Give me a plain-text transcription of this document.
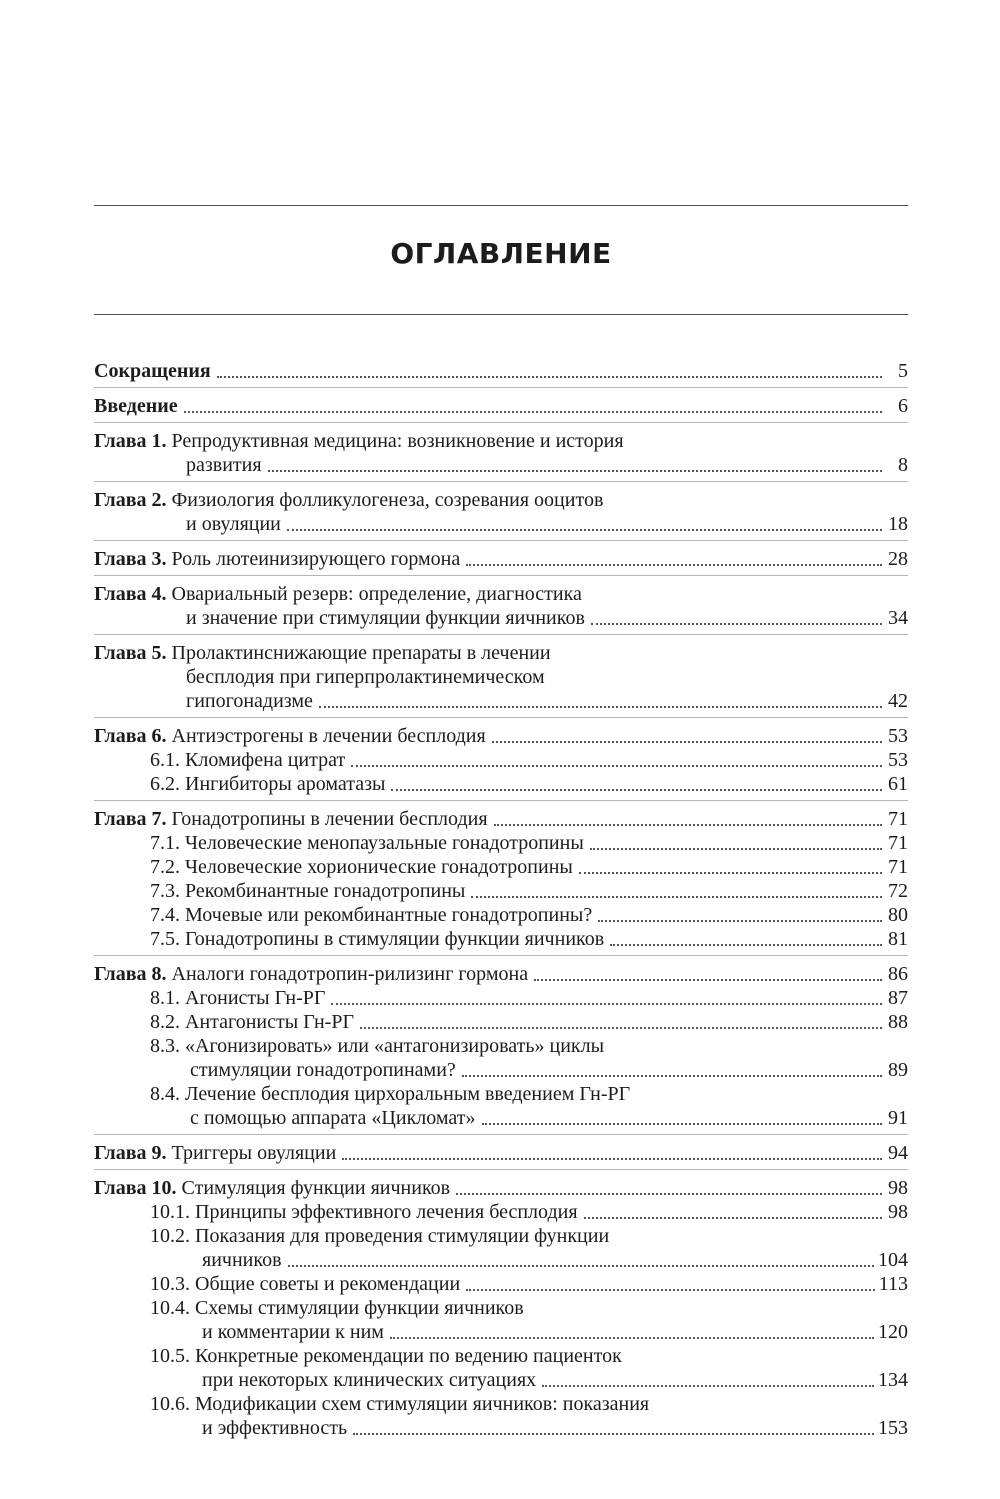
ОГЛАВЛЕНИЕ
Сокращения	5
Введение	6
Глава 1. Репродуктивная медицина: возникновение и история
развития	8
Глава 2. Физиология фолликулогенеза, созревания ооцитов
и овуляции	18
Глава 3. Роль лютеинизирующего гормона	28
Глава 4. Овариальный резерв: определение, диагностика
и значение при стимуляции функции яичников	34
Глава 5. Пролактинснижающие препараты в лечении
бесплодия при гиперпролактинемическом
гипогонадизме	42
Глава 6. Антиэстрогены в лечении бесплодия	53
6.1. Кломифена цитрат	53
6.2. Ингибиторы ароматазы	61
Глава 7. Гонадотропины в лечении бесплодия	71
7.1. Человеческие менопаузальные гонадотропины	71
7.2. Человеческие хорионические гонадотропины	71
7.3. Рекомбинантные гонадотропины	72
7.4. Мочевые или рекомбинантные гонадотропины?	80
7.5. Гонадотропины в стимуляции функции яичников	81
Глава 8. Аналоги гонадотропин-рилизинг гормона	86
8.1. Агонисты Гн-РГ	87
8.2. Антагонисты Гн-РГ	88
8.3. «Агонизировать» или «антагонизировать» циклы
стимуляции гонадотропинами?	89
8.4. Лечение бесплодия цирхоральным введением Гн-РГ
с помощью аппарата «Цикломат»	91
Глава 9. Триггеры овуляции	94
Глава 10. Стимуляция функции яичников	98
10.1. Принципы эффективного лечения бесплодия	98
10.2. Показания для проведения стимуляции функции
яичников	104
10.3. Общие советы и рекомендации	113
10.4. Схемы стимуляции функции яичников
и комментарии к ним	120
10.5. Конкретные рекомендации по ведению пациенток
при некоторых клинических ситуациях	134
10.6. Модификации схем стимуляции яичников: показания
и эффективность	153
